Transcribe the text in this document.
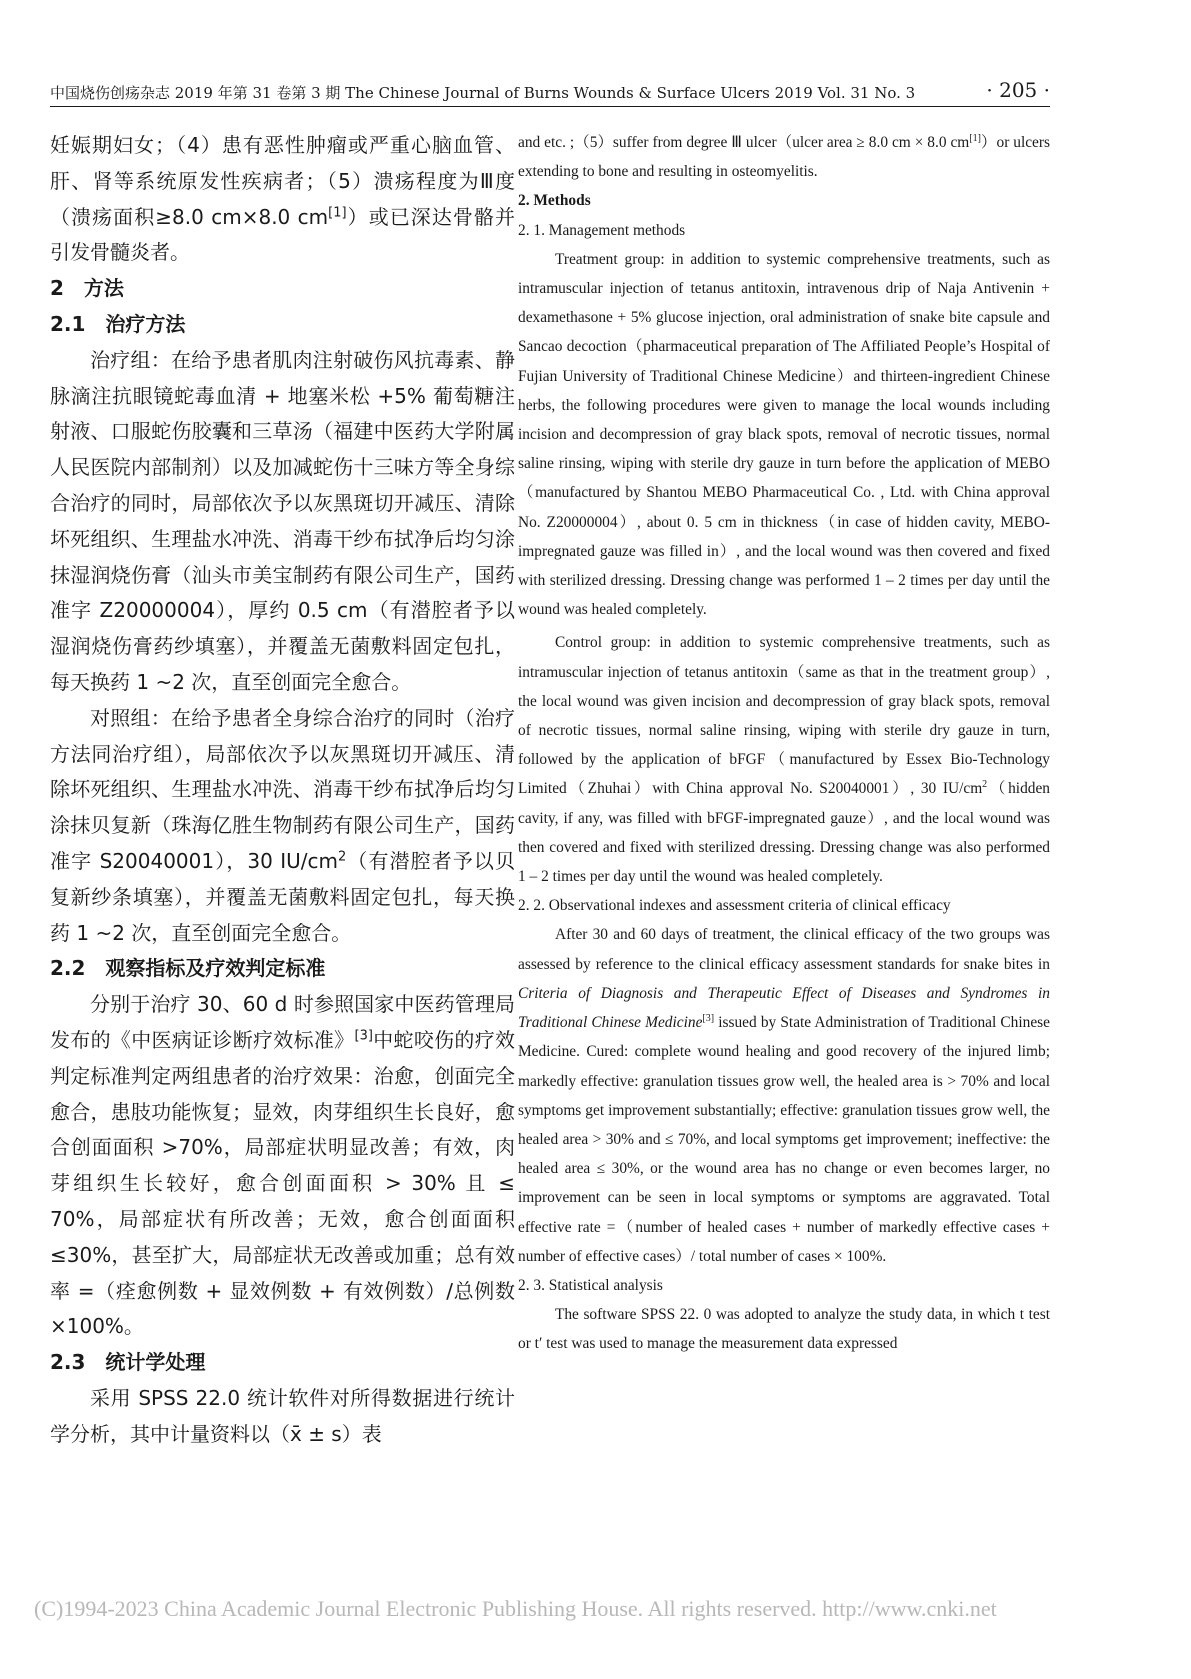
中国烧伤创疡杂志 2019 年第 31 卷第 3 期 The Chinese Journal of Burns Wounds & Surface Ulcers 2019 Vol. 31 No. 3	· 205 ·

妊娠期妇女；（4）患有恶性肿瘤或严重心脑血管、肝、肾等系统原发性疾病者；（5）溃疡程度为Ⅲ度（溃疡面积≥8.0 cm×8.0 cm[1]）或已深达骨骼并引发骨髓炎者。

2　方法

2.1　治疗方法

治疗组：在给予患者肌肉注射破伤风抗毒素、静脉滴注抗眼镜蛇毒血清 + 地塞米松 +5% 葡萄糖注射液、口服蛇伤胶囊和三草汤（福建中医药大学附属人民医院内部制剂）以及加减蛇伤十三味方等全身综合治疗的同时，局部依次予以灰黑斑切开减压、清除坏死组织、生理盐水冲洗、消毒干纱布拭净后均匀涂抹湿润烧伤膏（汕头市美宝制药有限公司生产，国药准字 Z20000004），厚约 0.5 cm（有潜腔者予以湿润烧伤膏药纱填塞），并覆盖无菌敷料固定包扎，每天换药 1 ~2 次，直至创面完全愈合。

对照组：在给予患者全身综合治疗的同时（治疗方法同治疗组），局部依次予以灰黑斑切开减压、清除坏死组织、生理盐水冲洗、消毒干纱布拭净后均匀涂抹贝复新（珠海亿胜生物制药有限公司生产，国药准字 S20040001），30 $IU/cm^2$（有潜腔者予以贝复新纱条填塞），并覆盖无菌敷料固定包扎，每天换药 1 ~2 次，直至创面完全愈合。

2.2　观察指标及疗效判定标准

分别于治疗 30、60 d 时参照国家中医药管理局发布的《中医病证诊断疗效标准》[3]中蛇咬伤的疗效判定标准判定两组患者的治疗效果：治愈，创面完全愈合，患肢功能恢复；显效，肉芽组织生长良好，愈合创面面积 >70%，局部症状明显改善；有效，肉芽组织生长较好，愈合创面面积 > 30% 且 ≤ 70%，局部症状有所改善；无效，愈合创面面积≤30%，甚至扩大，局部症状无改善或加重；总有效率 =（痊愈例数 + 显效例数 + 有效例数）/总例数 ×100%。

2.3　统计学处理

采用 SPSS 22.0 统计软件对所得数据进行统计学分析，其中计量资料以（x̄ ± s）表

and etc. ;（5）suffer from degree Ⅲ ulcer（ulcer area ≥ 8.0 cm × 8.0 cm[1]）or ulcers extending to bone and resulting in osteomyelitis.

2. Methods

2. 1. Management methods

Treatment group: in addition to systemic comprehensive treatments, such as intramuscular injection of tetanus antitoxin, intravenous drip of Naja Antivenin + dexamethasone + 5% glucose injection, oral administration of snake bite capsule and Sancao decoction（pharmaceutical preparation of The Affiliated People’s Hospital of Fujian University of Traditional Chinese Medicine）and thirteen-ingredient Chinese herbs, the following procedures were given to manage the local wounds including incision and decompression of gray black spots, removal of necrotic tissues, normal saline rinsing, wiping with sterile dry gauze in turn before the application of MEBO（manufactured by Shantou MEBO Pharmaceutical Co. , Ltd. with China approval No. Z20000004）, about 0. 5 cm in thickness（in case of hidden cavity, MEBO-impregnated gauze was filled in）, and the local wound was then covered and fixed with sterilized dressing. Dressing change was performed 1 – 2 times per day until the wound was healed completely.

Control group: in addition to systemic comprehensive treatments, such as intramuscular injection of tetanus antitoxin（same as that in the treatment group）, the local wound was given incision and decompression of gray black spots, removal of necrotic tissues, normal saline rinsing, wiping with sterile dry gauze in turn, followed by the application of bFGF（manufactured by Essex Bio-Technology Limited（Zhuhai）with China approval No. S20040001）, 30 $IU/cm^2(hidden$ cavity, if any, was filled with bFGF-impregnated gauze）, and the local wound was then covered and fixed with sterilized dressing. Dressing change was also performed 1 – 2 times per day until the wound was healed completely.

2. 2. Observational indexes and assessment criteria of clinical efficacy

After 30 and 60 days of treatment, the clinical efficacy of the two groups was assessed by reference to the clinical efficacy assessment standards for snake bites in Criteria of Diagnosis and Therapeutic Effect of Diseases and Syndromes in Traditional Chinese Medicine[3] issued by State Administration of Traditional Chinese Medicine. Cured: complete wound healing and good recovery of the injured limb; markedly effective: granulation tissues grow well, the healed area is > 70% and local symptoms get improvement substantially; effective: granulation tissues grow well, the healed area > 30% and ≤ 70%, and local symptoms get improvement; ineffective: the healed area ≤ 30%, or the wound area has no change or even becomes larger, no improvement can be seen in local symptoms or symptoms are aggravated. Total effective rate =（number of healed cases + number of markedly effective cases + number of effective cases）/ total number of cases × 100%.

2. 3. Statistical analysis

The software SPSS 22. 0 was adopted to analyze the study data, in which t test or t′ test was used to manage the measurement data expressed

(C)1994-2023 China Academic Journal Electronic Publishing House. All rights reserved. http://www.cnki.net
